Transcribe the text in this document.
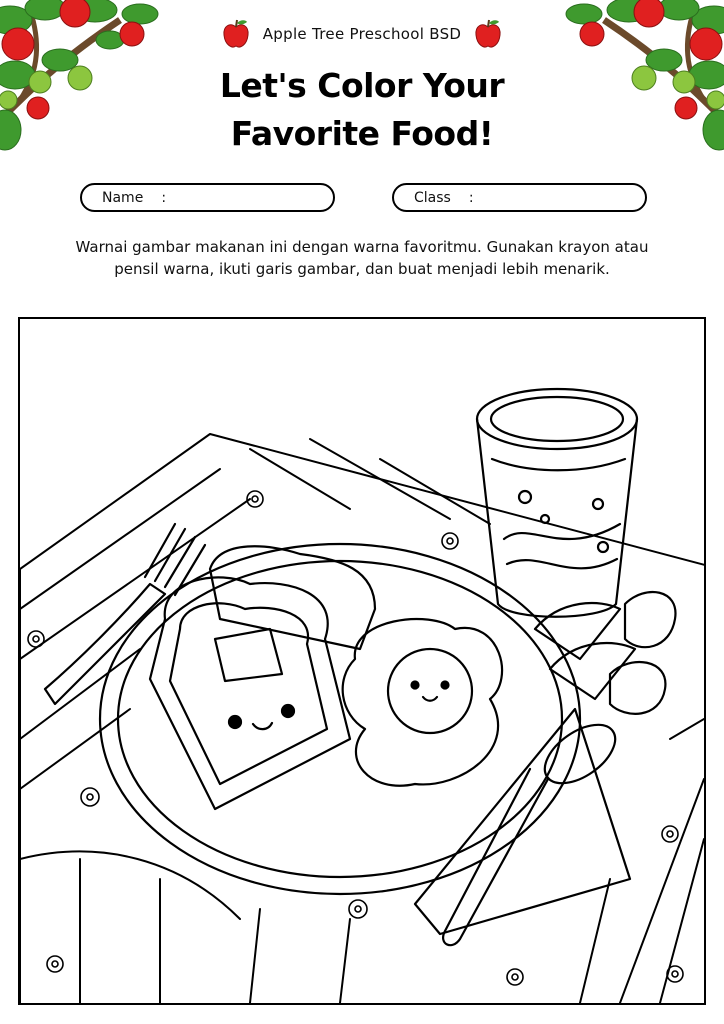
Apple Tree Preschool BSD
Let's Color Your
Favorite Food!
Name :	Class :
Warnai gambar makanan ini dengan warna favoritmu. Gunakan krayon atau
pensil warna, ikuti garis gambar, dan buat menjadi lebih menarik.
